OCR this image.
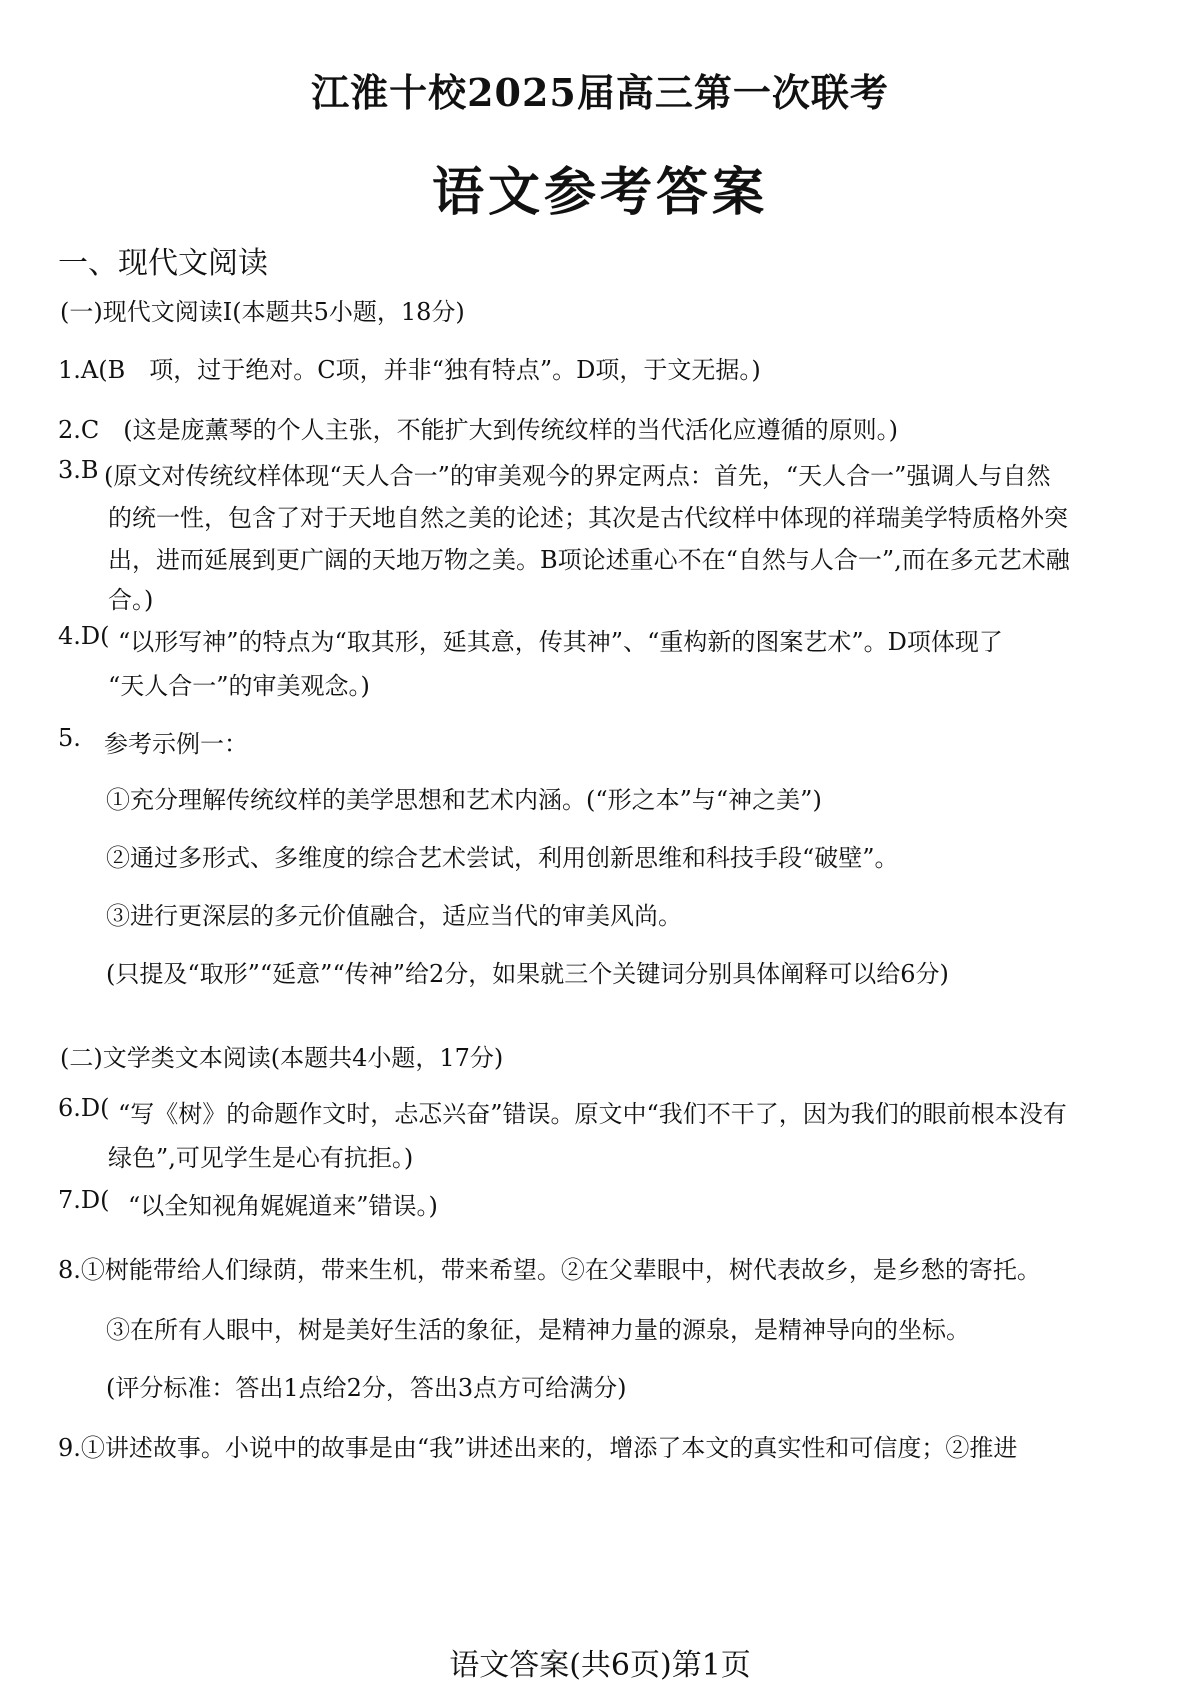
江淮十校2025届高三第一次联考
语文参考答案
一、现代文阅读
(一)现代文阅读I(本题共5小题，18分)
1.A(B　项，过于绝对。C项，并非“独有特点”。D项，于文无据。)
2.C　(这是庞薰琴的个人主张，不能扩大到传统纹样的当代活化应遵循的原则。)
3.B (原文对传统纹样体现“天人合一”的审美观今的界定两点：首先，“天人合一”强调人与自然
的统一性，包含了对于天地自然之美的论述；其次是古代纹样中体现的祥瑞美学特质格外突
出，进而延展到更广阔的天地万物之美。B项论述重心不在“自然与人合一”,而在多元艺术融
合。)
4.D( “以形写神”的特点为“取其形，延其意，传其神”、“重构新的图案艺术”。D项体现了
“天人合一”的审美观念。)
5. 参考示例一：
①充分理解传统纹样的美学思想和艺术内涵。(“形之本”与“神之美”)
②通过多形式、多维度的综合艺术尝试，利用创新思维和科技手段“破壁”。
③进行更深层的多元价值融合，适应当代的审美风尚。
(只提及“取形”“延意”“传神”给2分，如果就三个关键词分别具体阐释可以给6分)
(二)文学类文本阅读(本题共4小题，17分)
6.D( “写《树》的命题作文时，忐忑兴奋”错误。原文中“我们不干了，因为我们的眼前根本没有
绿色”,可见学生是心有抗拒。)
7.D( “以全知视角娓娓道来”错误。)
8.①树能带给人们绿荫，带来生机，带来希望。②在父辈眼中，树代表故乡，是乡愁的寄托。
③在所有人眼中，树是美好生活的象征，是精神力量的源泉，是精神导向的坐标。
(评分标准：答出1点给2分，答出3点方可给满分)
9.①讲述故事。小说中的故事是由“我”讲述出来的，增添了本文的真实性和可信度；②推进
语文答案(共6页)第1页
